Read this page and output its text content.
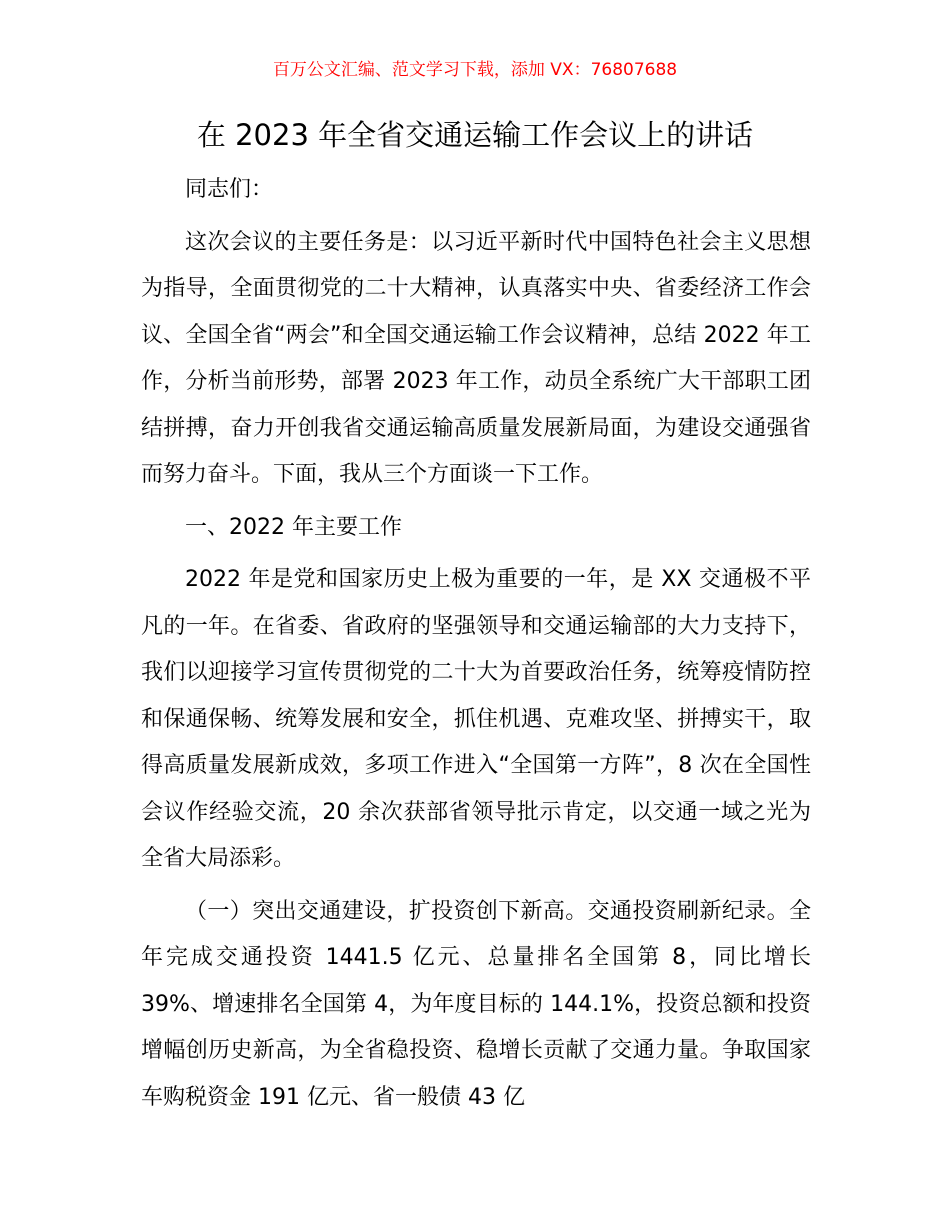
百万公文汇编、范文学习下载，添加 VX：76807688
在 2023 年全省交通运输工作会议上的讲话

同志们：

这次会议的主要任务是：以习近平新时代中国特色社会主义思想为指导，全面贯彻党的二十大精神，认真落实中央、省委经济工作会议、全国全省“两会”和全国交通运输工作会议精神，总结 2022 年工作，分析当前形势，部署 2023 年工作，动员全系统广大干部职工团结拼搏，奋力开创我省交通运输高质量发展新局面，为建设交通强省而努力奋斗。下面，我从三个方面谈一下工作。

一、2022 年主要工作

2022 年是党和国家历史上极为重要的一年，是 XX 交通极不平凡的一年。在省委、省政府的坚强领导和交通运输部的大力支持下，我们以迎接学习宣传贯彻党的二十大为首要政治任务，统筹疫情防控和保通保畅、统筹发展和安全，抓住机遇、克难攻坚、拼搏实干，取得高质量发展新成效，多项工作进入“全国第一方阵”，8 次在全国性会议作经验交流，20 余次获部省领导批示肯定，以交通一域之光为全省大局添彩。

（一）突出交通建设，扩投资创下新高。交通投资刷新纪录。全年完成交通投资 1441.5 亿元、总量排名全国第 8，同比增长 39%、增速排名全国第 4，为年度目标的 144.1%，投资总额和投资增幅创历史新高，为全省稳投资、稳增长贡献了交通力量。争取国家车购税资金 191 亿元、省一般债 43 亿
